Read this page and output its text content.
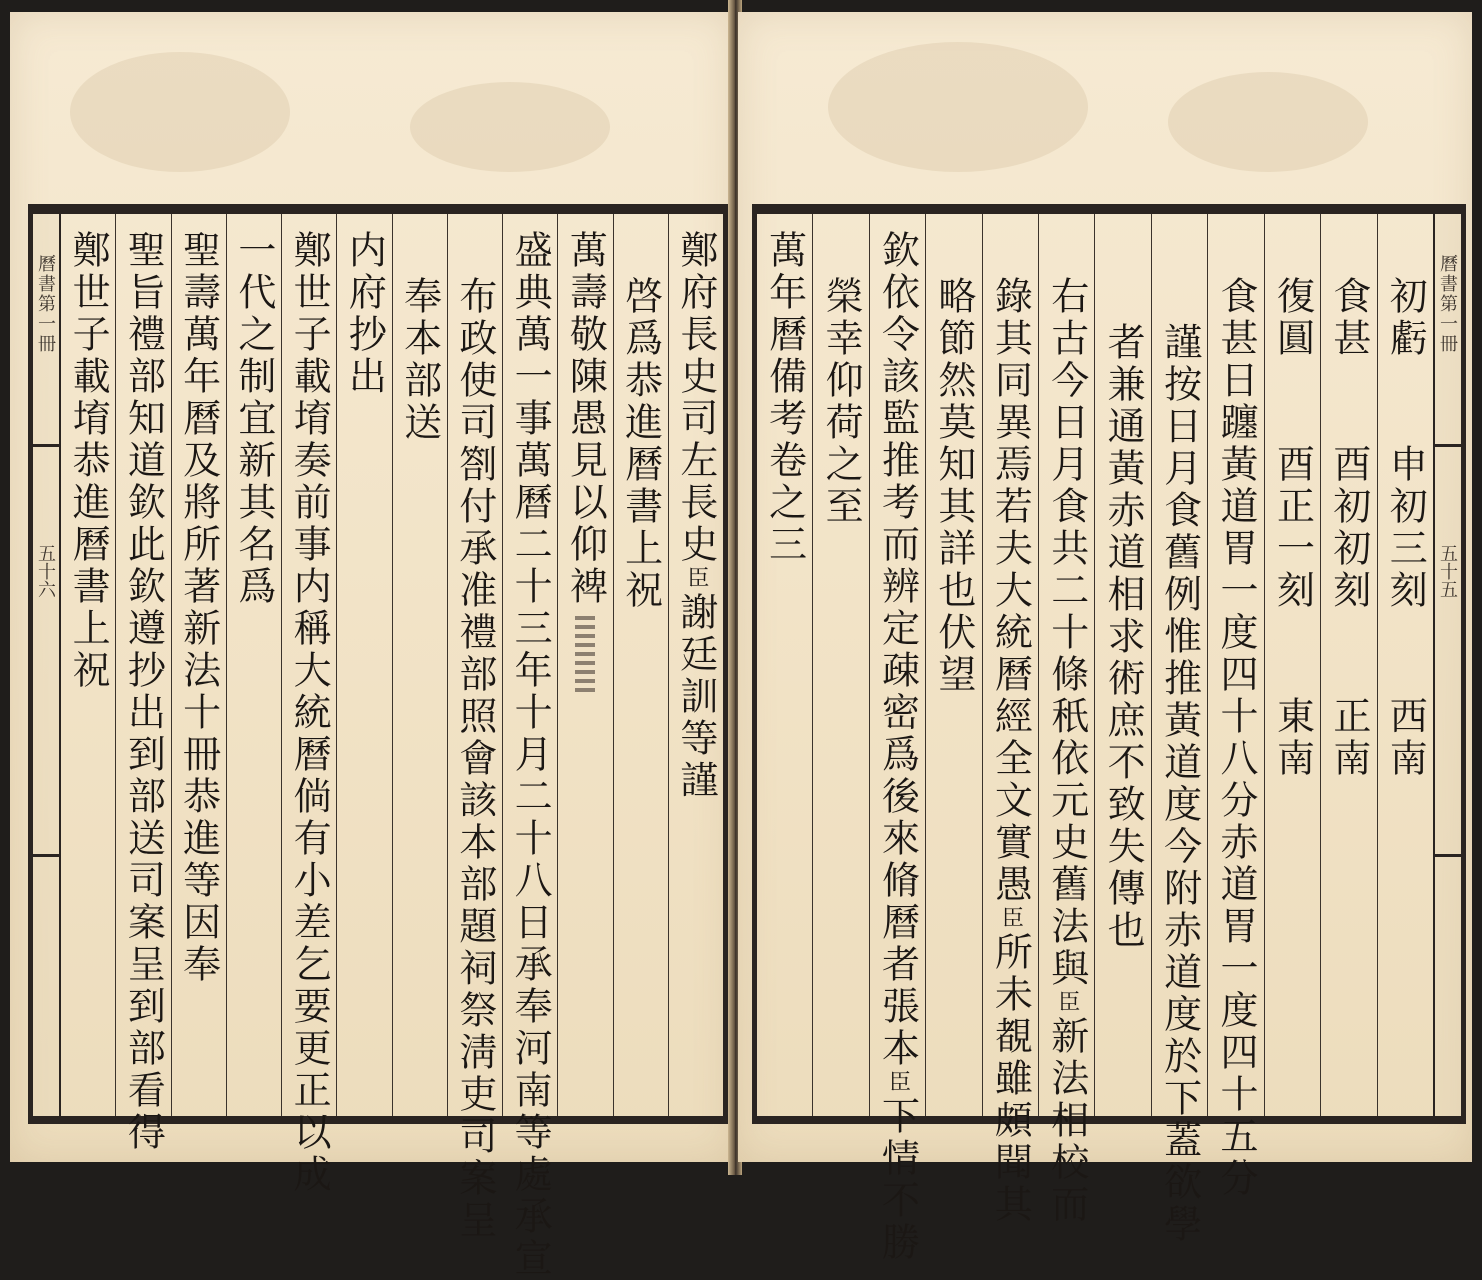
曆書第一冊
五十六
鄭府長史司左長史
臣
謝廷訓等謹
啓爲恭進曆書上祝
萬壽敬陳愚見以仰裨
盛典萬一事萬曆二十三年十月二十八日承奉河南等處承宣
布政使司劄付承准禮部照會該本部題祠祭淸吏司案呈
奉本部送
内府抄出
鄭世子載堉奏前事内稱大統曆倘有小差乞要更正以成
一代之制宜新其名爲
聖壽萬年曆及將所著新法十冊恭進等因奉
聖旨禮部知道欽此欽遵抄出到部送司案呈到部看得
鄭世子載堉恭進曆書上祝	曆書第一冊
五十五
初虧　　申初三刻　　西南
食甚　　酉初初刻　　正南
復圓　　酉正一刻　　東南
食甚日躔黃道胃一度四十八分赤道胃一度四十五分
謹按日月食舊例惟推黃道度今附赤道度於下蓋欲學
者兼通黃赤道相求術庶不致失傳也
右古今日月食共二十條秖依元史舊法與
臣
新法相校而
錄其同異焉若夫大統曆經全文實愚
臣
所未覩雖頗聞其
略節然莫知其詳也伏望
欽依令該監推考而辨定疎密爲後來脩曆者張本
臣
下情不勝
榮幸仰荷之至
萬年曆備考卷之三
